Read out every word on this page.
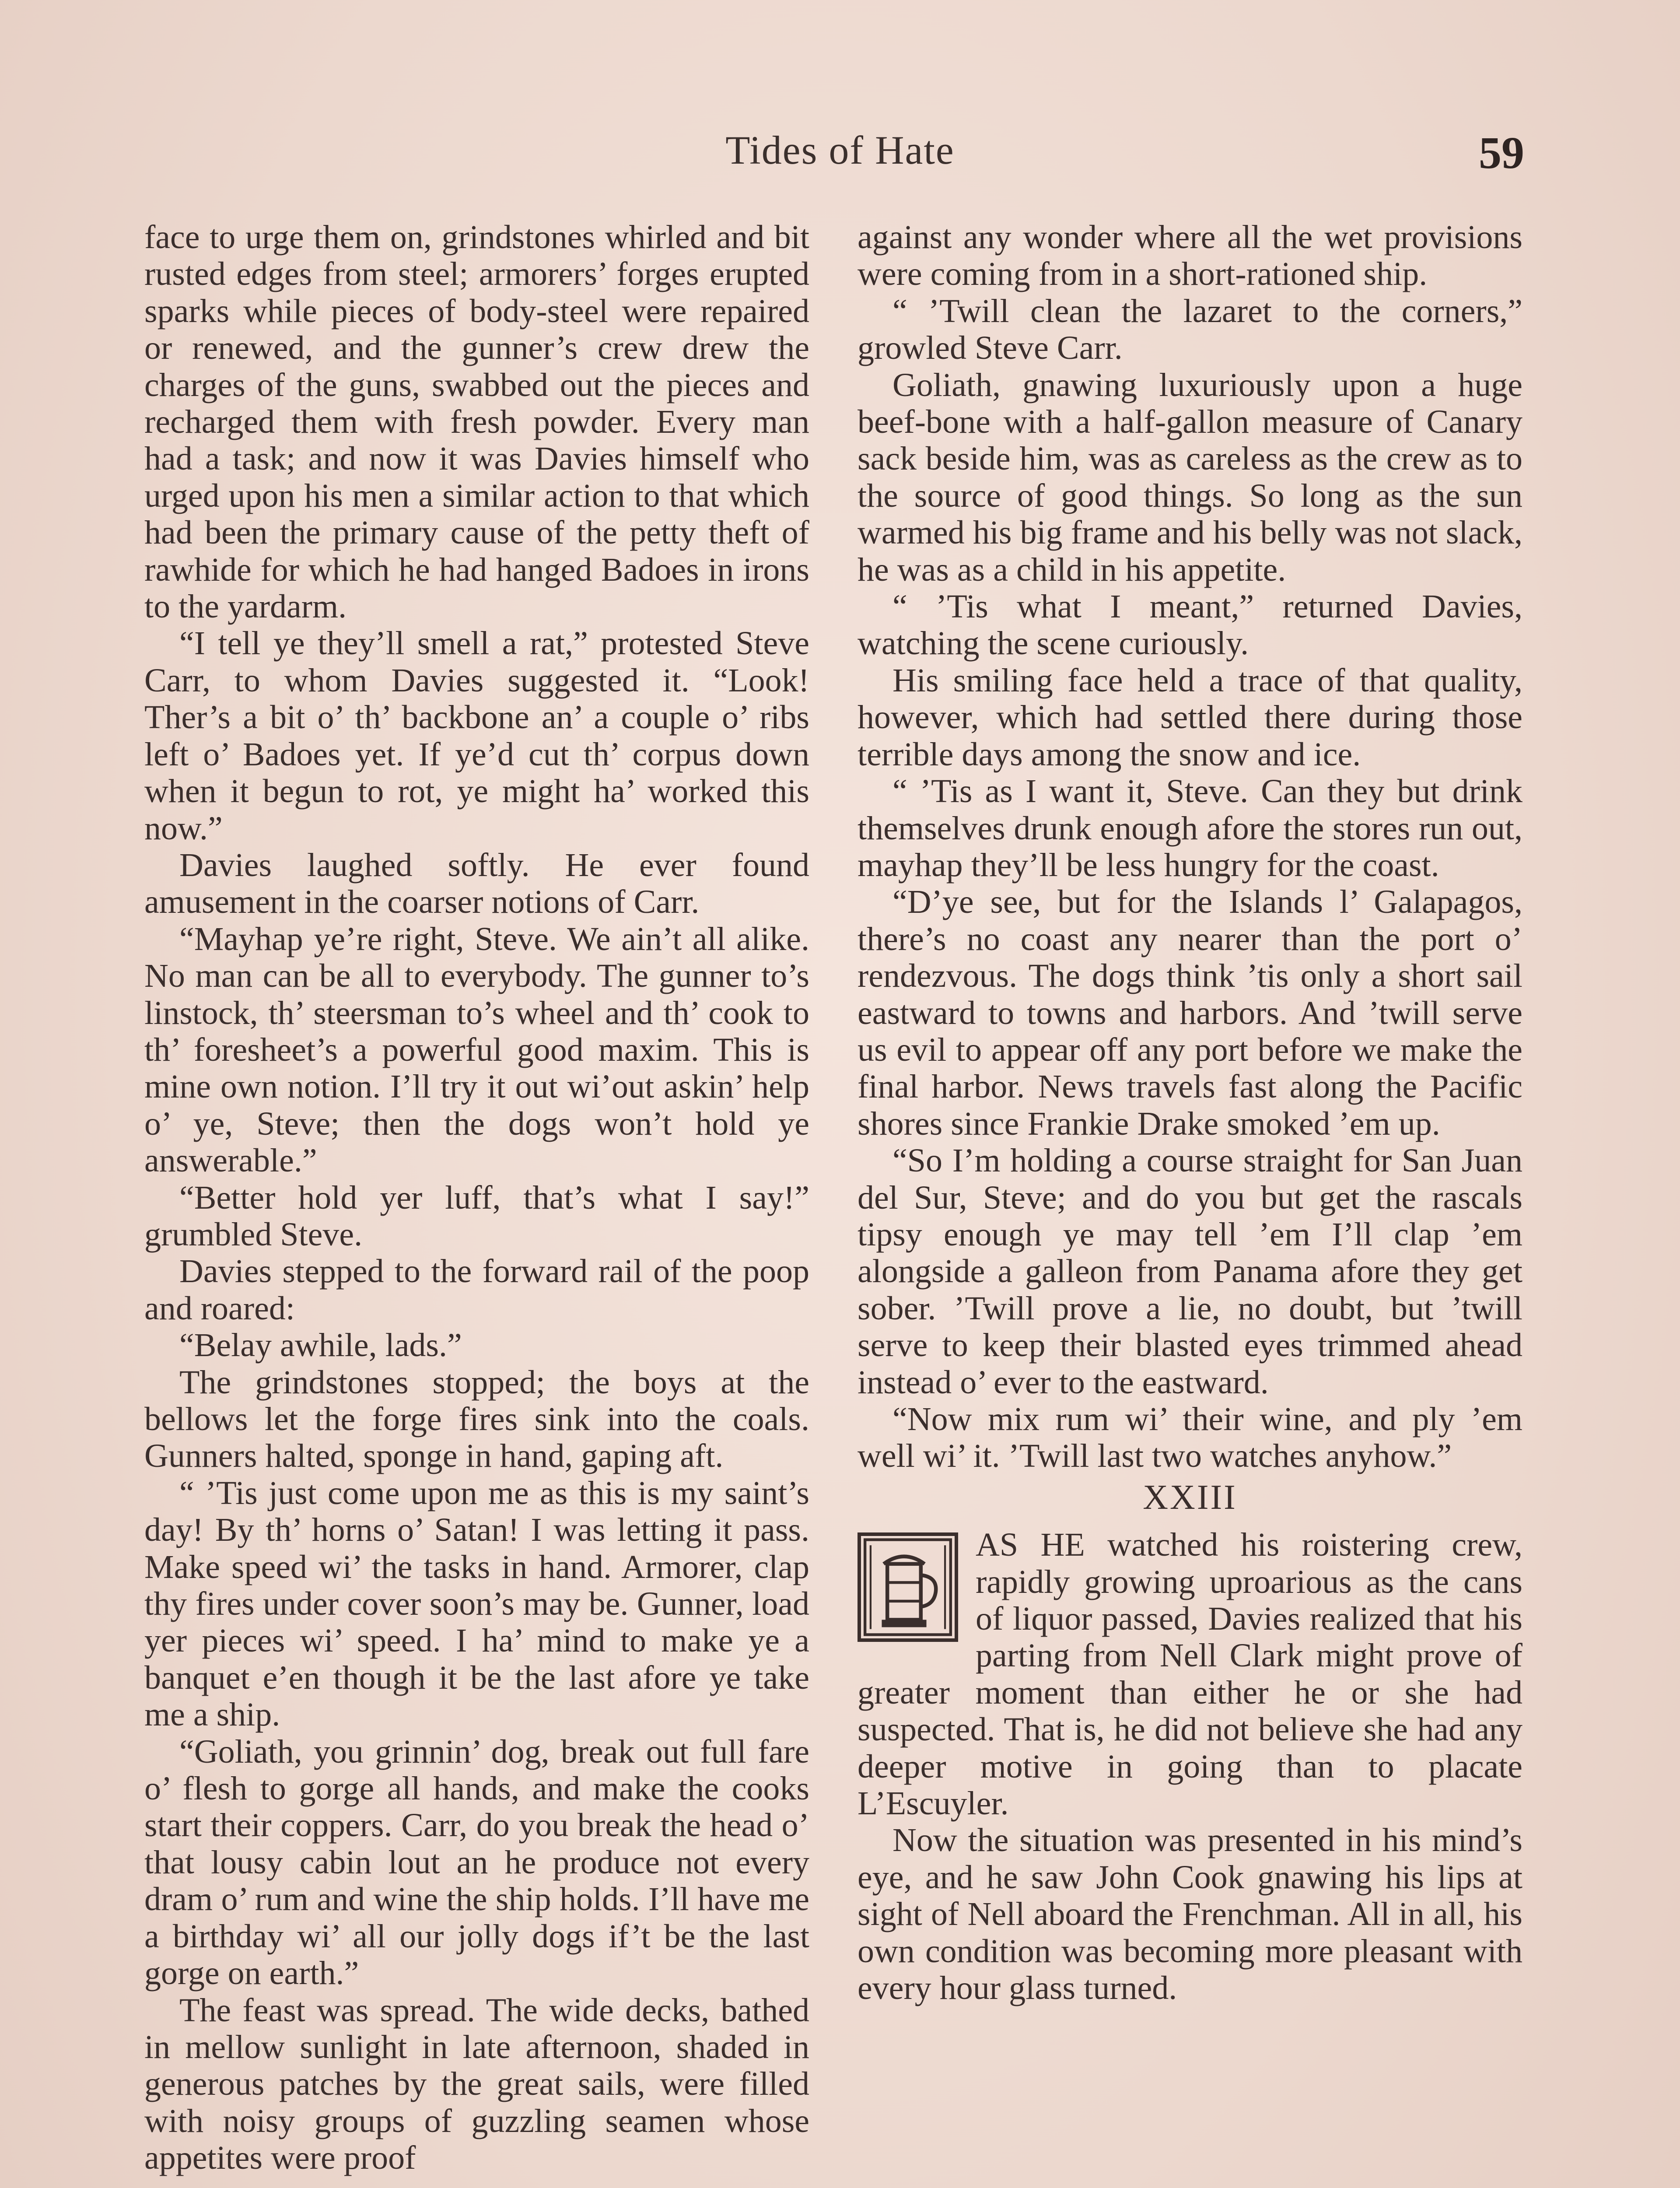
Tides of Hate	59

face to urge them on, grindstones whirled and bit rusted edges from steel; armorers’ forges erupted sparks while pieces of body-steel were repaired or renewed, and the gunner’s crew drew the charges of the guns, swabbed out the pieces and recharged them with fresh powder. Every man had a task; and now it was Davies himself who urged upon his men a similar action to that which had been the primary cause of the petty theft of rawhide for which he had hanged Badoes in irons to the yardarm.

“I tell ye they’ll smell a rat,” protested Steve Carr, to whom Davies suggested it. “Look! Ther’s a bit o’ th’ backbone an’ a couple o’ ribs left o’ Badoes yet. If ye’d cut th’ corpus down when it begun to rot, ye might ha’ worked this now.”

Davies laughed softly. He ever found amusement in the coarser notions of Carr.

“Mayhap ye’re right, Steve. We ain’t all alike. No man can be all to everybody. The gunner to’s linstock, th’ steersman to’s wheel and th’ cook to th’ foresheet’s a powerful good maxim. This is mine own notion. I’ll try it out wi’out askin’ help o’ ye, Steve; then the dogs won’t hold ye answerable.”

“Better hold yer luff, that’s what I say!” grumbled Steve.

Davies stepped to the forward rail of the poop and roared:

“Belay awhile, lads.”

The grindstones stopped; the boys at the bellows let the forge fires sink into the coals. Gunners halted, sponge in hand, gaping aft.

“ ’Tis just come upon me as this is my saint’s day! By th’ horns o’ Satan! I was letting it pass. Make speed wi’ the tasks in hand. Armorer, clap thy fires under cover soon’s may be. Gunner, load yer pieces wi’ speed. I ha’ mind to make ye a banquet e’en though it be the last afore ye take me a ship.

“Goliath, you grinnin’ dog, break out full fare o’ flesh to gorge all hands, and make the cooks start their coppers. Carr, do you break the head o’ that lousy cabin lout an he produce not every dram o’ rum and wine the ship holds. I’ll have me a birthday wi’ all our jolly dogs if’t be the last gorge on earth.”

The feast was spread. The wide decks, bathed in mellow sunlight in late afternoon, shaded in generous patches by the great sails, were filled with noisy groups of guzzling seamen whose appetites were proof

against any wonder where all the wet provisions were coming from in a short-rationed ship.

“ ’Twill clean the lazaret to the corners,” growled Steve Carr.

Goliath, gnawing luxuriously upon a huge beef-bone with a half-gallon measure of Canary sack beside him, was as careless as the crew as to the source of good things. So long as the sun warmed his big frame and his belly was not slack, he was as a child in his appetite.

“ ’Tis what I meant,” returned Davies, watching the scene curiously.

His smiling face held a trace of that quality, however, which had settled there during those terrible days among the snow and ice.

“ ’Tis as I want it, Steve. Can they but drink themselves drunk enough afore the stores run out, mayhap they’ll be less hungry for the coast.

“D’ye see, but for the Islands l’ Galapagos, there’s no coast any nearer than the port o’ rendezvous. The dogs think ’tis only a short sail eastward to towns and harbors. And ’twill serve us evil to appear off any port before we make the final harbor. News travels fast along the Pacific shores since Frankie Drake smoked ’em up.

“So I’m holding a course straight for San Juan del Sur, Steve; and do you but get the rascals tipsy enough ye may tell ’em I’ll clap ’em alongside a galleon from Panama afore they get sober. ’Twill prove a lie, no doubt, but ’twill serve to keep their blasted eyes trimmed ahead instead o’ ever to the eastward.

“Now mix rum wi’ their wine, and ply ’em well wi’ it. ’Twill last two watches anyhow.”

XXIII

AS HE watched his roistering crew, rapidly growing uproarious as the cans of liquor passed, Davies realized that his parting from Nell Clark might prove of greater moment than either he or she had suspected. That is, he did not believe she had any deeper motive in going than to placate L’Escuyler.

Now the situation was presented in his mind’s eye, and he saw John Cook gnawing his lips at sight of Nell aboard the Frenchman. All in all, his own condition was becoming more pleasant with every hour glass turned.
